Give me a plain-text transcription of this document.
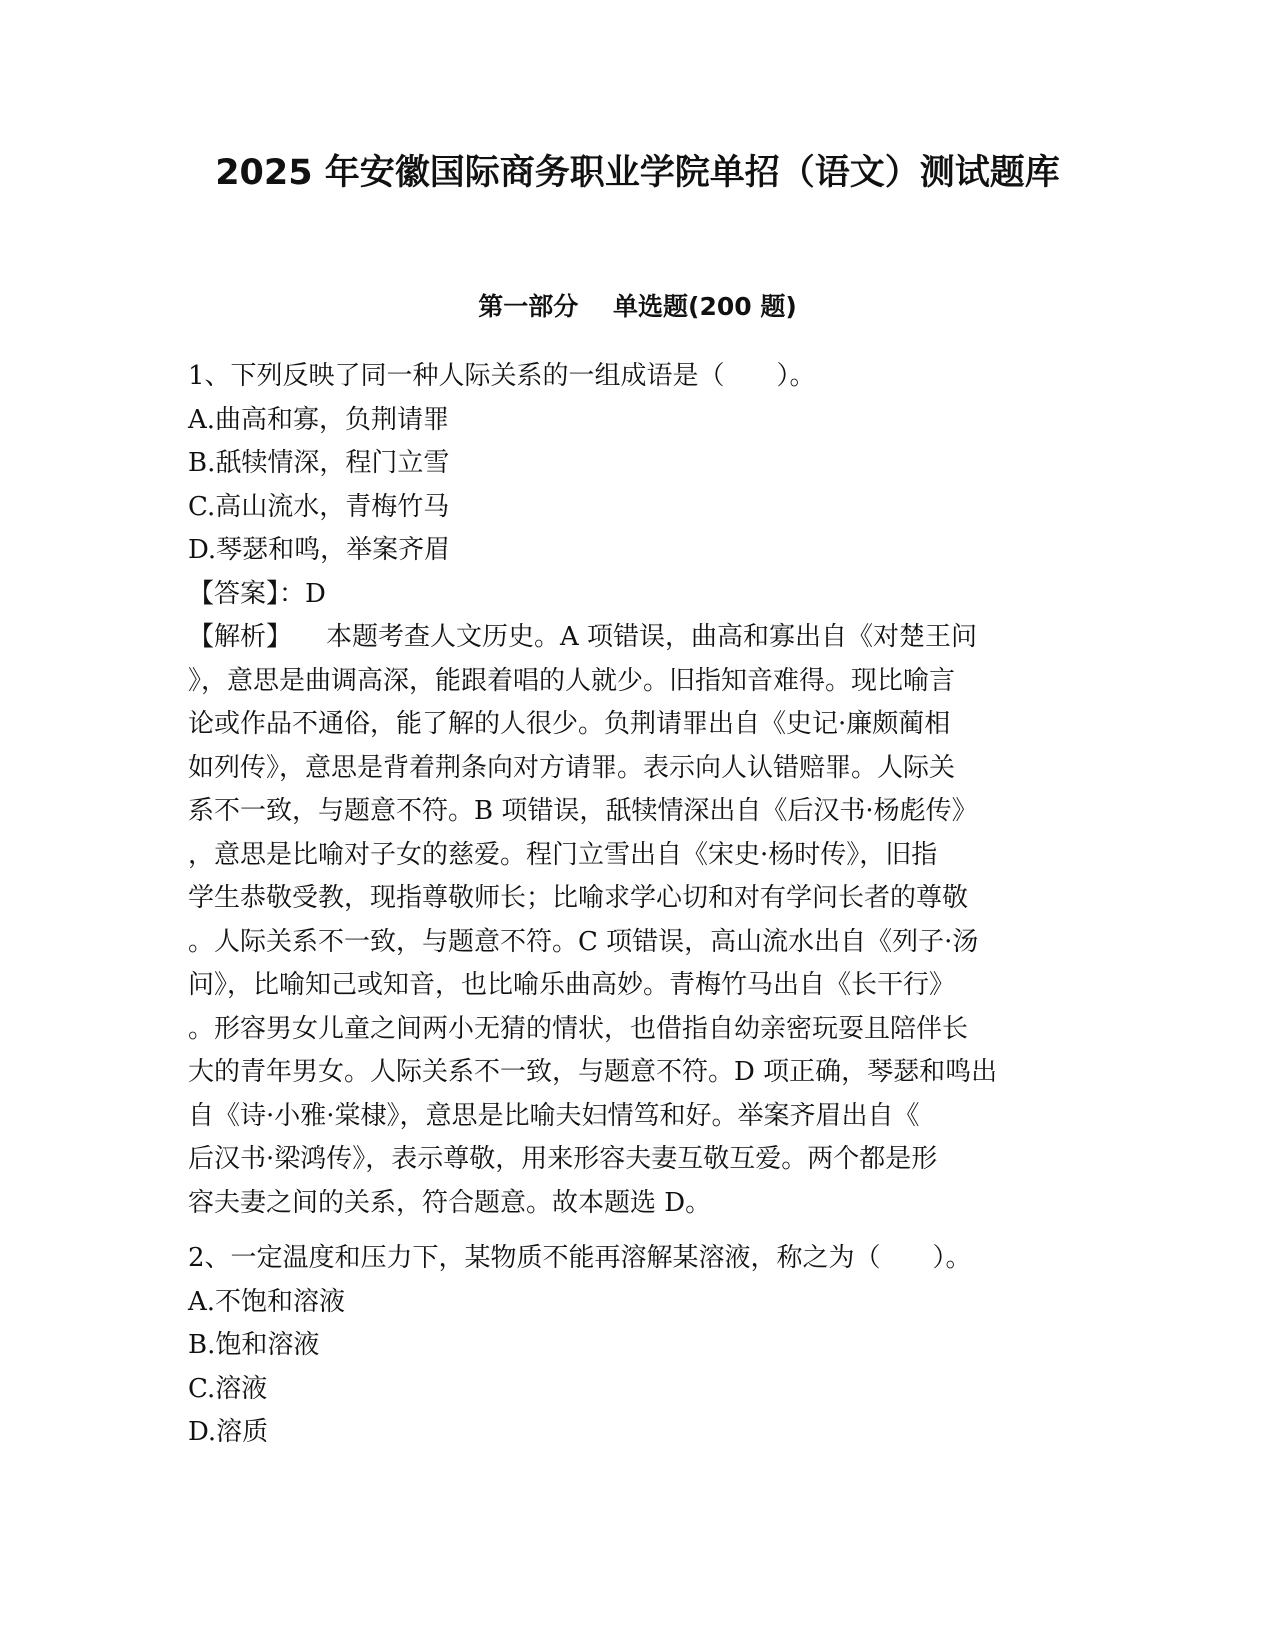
2025 年安徽国际商务职业学院单招（语文）测试题库
第一部分    单选题(200 题)
1、下列反映了同一种人际关系的一组成语是（　　）。
A.曲高和寡，负荆请罪
B.舐犊情深，程门立雪
C.高山流水，青梅竹马
D.琴瑟和鸣，举案齐眉
【答案】：D
【解析】 本题考查人文历史。A 项错误，曲高和寡出自《对楚王问
》，意思是曲调高深，能跟着唱的人就少。旧指知音难得。现比喻言
论或作品不通俗，能了解的人很少。负荆请罪出自《史记·廉颇蔺相
如列传》，意思是背着荆条向对方请罪。表示向人认错赔罪。人际关
系不一致，与题意不符。B 项错误，舐犊情深出自《后汉书·杨彪传》
，意思是比喻对子女的慈爱。程门立雪出自《宋史·杨时传》，旧指
学生恭敬受教，现指尊敬师长；比喻求学心切和对有学问长者的尊敬
。人际关系不一致，与题意不符。C 项错误，高山流水出自《列子·汤
问》，比喻知己或知音，也比喻乐曲高妙。青梅竹马出自《长干行》
。形容男女儿童之间两小无猜的情状，也借指自幼亲密玩耍且陪伴长
大的青年男女。人际关系不一致，与题意不符。D 项正确，琴瑟和鸣出
自《诗·小雅·棠棣》，意思是比喻夫妇情笃和好。举案齐眉出自《
后汉书·梁鸿传》，表示尊敬，用来形容夫妻互敬互爱。两个都是形
容夫妻之间的关系，符合题意。故本题选 D。
2、一定温度和压力下，某物质不能再溶解某溶液，称之为（　　）。
A.不饱和溶液
B.饱和溶液
C.溶液
D.溶质
